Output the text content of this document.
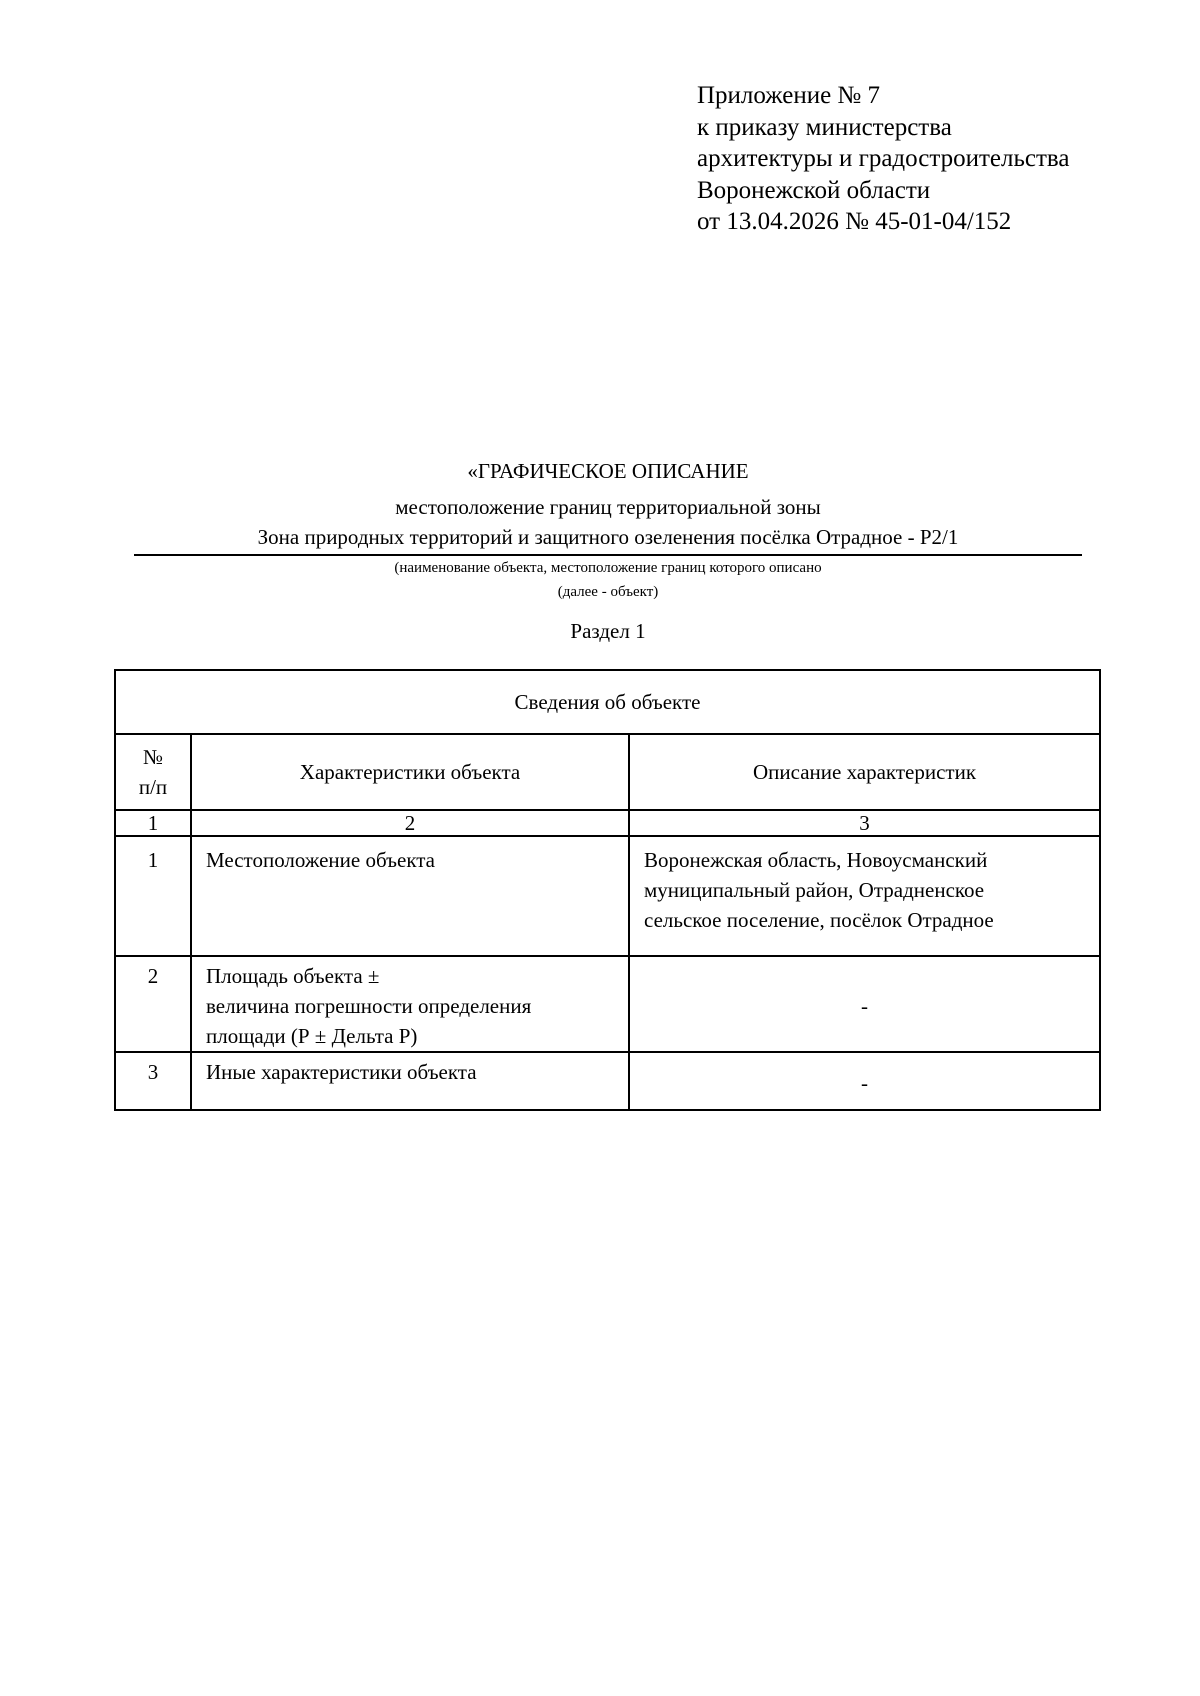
Приложение № 7
к приказу министерства
архитектуры и градостроительства
Воронежской области
от 13.04.2026 № 45-01-04/152
«ГРАФИЧЕСКОЕ ОПИСАНИЕ
местоположение границ территориальной зоны
Зона природных территорий и защитного озеленения посёлка Отрадное - Р2/1
(наименование объекта, местоположение границ которого описано
(далее - объект)
Раздел 1
Сведения об объекте		

№
п/п	Характеристики объекта	Описание характеристик
1	2	3
1	Местоположение объекта	Воронежская область, Новоусманский
муниципальный район, Отрадненское
сельское поселение, посёлок Отрадное

2	Площадь объекта ±
величина погрешности определения
площади (Р ± Дельта Р)	-
3	Иные характеристики объекта	-
